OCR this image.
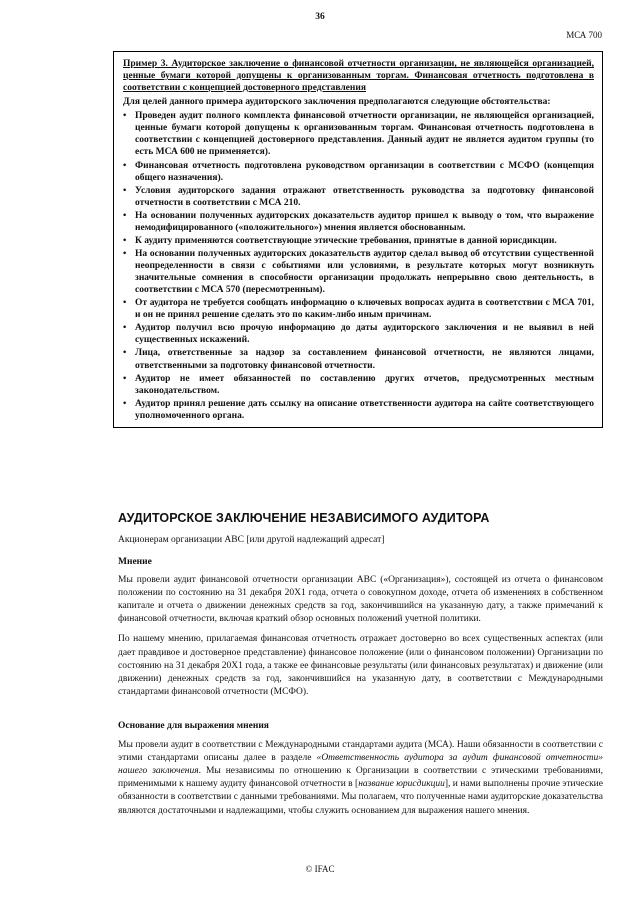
36
МСА 700

Пример 3. Аудиторское заключение о финансовой отчетности организации, не являющейся организацией, ценные бумаги которой допущены к организованным торгам. Финансовая отчетность подготовлена в соответствии с концепцией достоверного представления

Для целей данного примера аудиторского заключения предполагаются следующие обстоятельства:

• Проведен аудит полного комплекта финансовой отчетности организации, не являющейся организацией, ценные бумаги которой допущены к организованным торгам. Финансовая отчетность подготовлена в соответствии с концепцией достоверного представления. Данный аудит не является аудитом группы (то есть МСА 600 не применяется).
• Финансовая отчетность подготовлена руководством организации в соответствии с МСФО (концепция общего назначения).
• Условия аудиторского задания отражают ответственность руководства за подготовку финансовой отчетности в соответствии с МСА 210.
• На основании полученных аудиторских доказательств аудитор пришел к выводу о том, что выражение немодифицированного («положительного») мнения является обоснованным.
• К аудиту применяются соответствующие этические требования, принятые в данной юрисдикции.
• На основании полученных аудиторских доказательств аудитор сделал вывод об отсутствии существенной неопределенности в связи с событиями или условиями, в результате которых могут возникнуть значительные сомнения в способности организации продолжать непрерывно свою деятельность, в соответствии с МСА 570 (пересмотренным).
• От аудитора не требуется сообщать информацию о ключевых вопросах аудита в соответствии с МСА 701, и он не принял решение сделать это по каким-либо иным причинам.
• Аудитор получил всю прочую информацию до даты аудиторского заключения и не выявил в ней существенных искажений.
• Лица, ответственные за надзор за составлением финансовой отчетности, не являются лицами, ответственными за подготовку финансовой отчетности.
• Аудитор не имеет обязанностей по составлению других отчетов, предусмотренных местным законодательством.
• Аудитор принял решение дать ссылку на описание ответственности аудитора на сайте соответствующего уполномоченного органа.
АУДИТОРСКОЕ ЗАКЛЮЧЕНИЕ НЕЗАВИСИМОГО АУДИТОРА
Акционерам организации ABC [или другой надлежащий адресат]
Мнение

Мы провели аудит финансовой отчетности организации ABC («Организация»), состоящей из отчета о финансовом положении по состоянию на 31 декабря 20X1 года, отчета о совокупном доходе, отчета об изменениях в собственном капитале и отчета о движении денежных средств за год, закончившийся на указанную дату, а также примечаний к финансовой отчетности, включая краткий обзор основных положений учетной политики.

По нашему мнению, прилагаемая финансовая отчетность отражает достоверно во всех существенных аспектах (или дает правдивое и достоверное представление) финансовое положение (или о финансовом положении) Организации по состоянию на 31 декабря 20X1 года, а также ее финансовые результаты (или финансовых результатах) и движение (или движении) денежных средств за год, закончившийся на указанную дату, в соответствии с Международными стандартами финансовой отчетности (МСФО).

Основание для выражения мнения

Мы провели аудит в соответствии с Международными стандартами аудита (МСА). Наши обязанности в соответствии с этими стандартами описаны далее в разделе «Ответственность аудитора за аудит финансовой отчетности» нашего заключения. Мы независимы по отношению к Организации в соответствии с этическими требованиями, применимыми к нашему аудиту финансовой отчетности в [название юрисдикции], и нами выполнены прочие этические обязанности в соответствии с данными требованиями. Мы полагаем, что полученные нами аудиторские доказательства являются достаточными и надлежащими, чтобы служить основанием для выражения нашего мнения.

© IFAC
